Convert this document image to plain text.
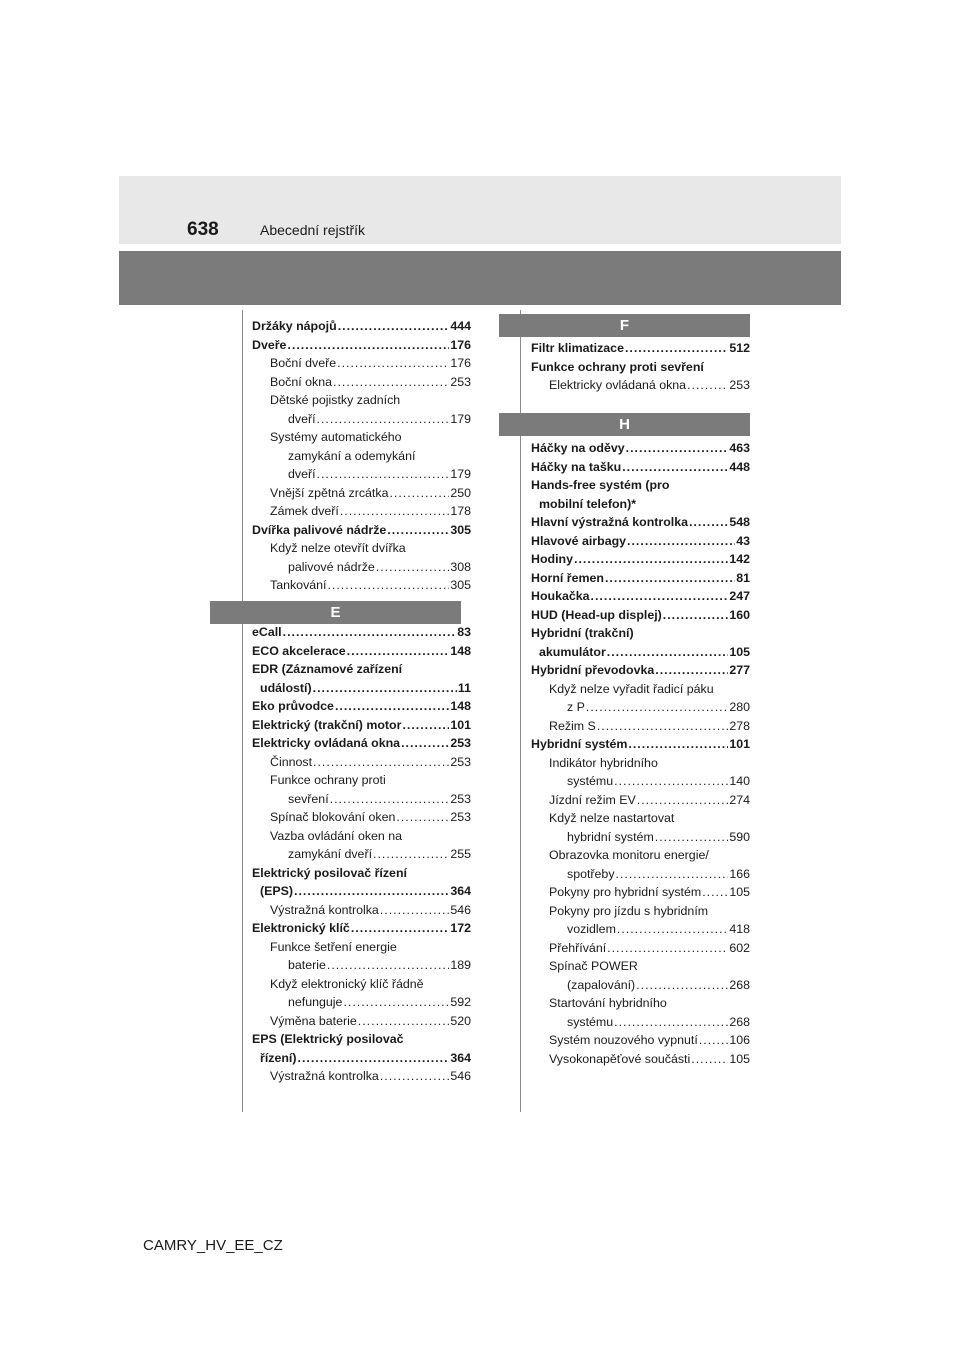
638	Abecední rejstřík
Držáky nápojů .....	444
Dveře .....	176
Boční dveře .....	176
Boční okna .....	253
Dětské pojistky zadních
dveří .....	179
Systémy automatického
zamykání a odemykání
dveří .....	179
Vnější zpětná zrcátka .....	250
Zámek dveří .....	178
Dvířka palivové nádrže .....	305
Když nelze otevřít dvířka
palivové nádrže .....	308
Tankování .....	305
E
eCall .....	83
ECO akcelerace .....	148
EDR (Záznamové zařízení
událostí) .....	11
Eko průvodce .....	148
Elektrický (trakční) motor .....	101
Elektricky ovládaná okna .....	253
Činnost .....	253
Funkce ochrany proti
sevření .....	253
Spínač blokování oken .....	253
Vazba ovládání oken na
zamykání dveří .....	255
Elektrický posilovač řízení
(EPS) .....	364
Výstražná kontrolka .....	546
Elektronický klíč .....	172
Funkce šetření energie
baterie .....	189
Když elektronický klíč řádně
nefunguje .....	592
Výměna baterie .....	520
EPS (Elektrický posilovač
řízení) .....	364
Výstražná kontrolka .....	546
F
Filtr klimatizace .....	512
Funkce ochrany proti sevření
Elektricky ovládaná okna .....	253
H
Háčky na oděvy .....	463
Háčky na tašku .....	448
Hands-free systém (pro
mobilní telefon)*
Hlavní výstražná kontrolka .....	548
Hlavové airbagy .....	43
Hodiny .....	142
Horní řemen .....	81
Houkačka .....	247
HUD (Head-up displej) .....	160
Hybridní (trakční)
akumulátor .....	105
Hybridní převodovka .....	277
Když nelze vyřadit řadicí páku
z P .....	280
Režim S .....	278
Hybridní systém .....	101
Indikátor hybridního
systému .....	140
Jízdní režim EV .....	274
Když nelze nastartovat
hybridní systém .....	590
Obrazovka monitoru energie/
spotřeby .....	166
Pokyny pro hybridní systém ..... 105
Pokyny pro jízdu s hybridním
vozidlem .....	418
Přehřívání .....	602
Spínač POWER
(zapalování) .....	268
Startování hybridního
systému .....	268
Systém nouzového vypnutí .....	106
Vysokonapěťové součásti .....	105
CAMRY_HV_EE_CZ
